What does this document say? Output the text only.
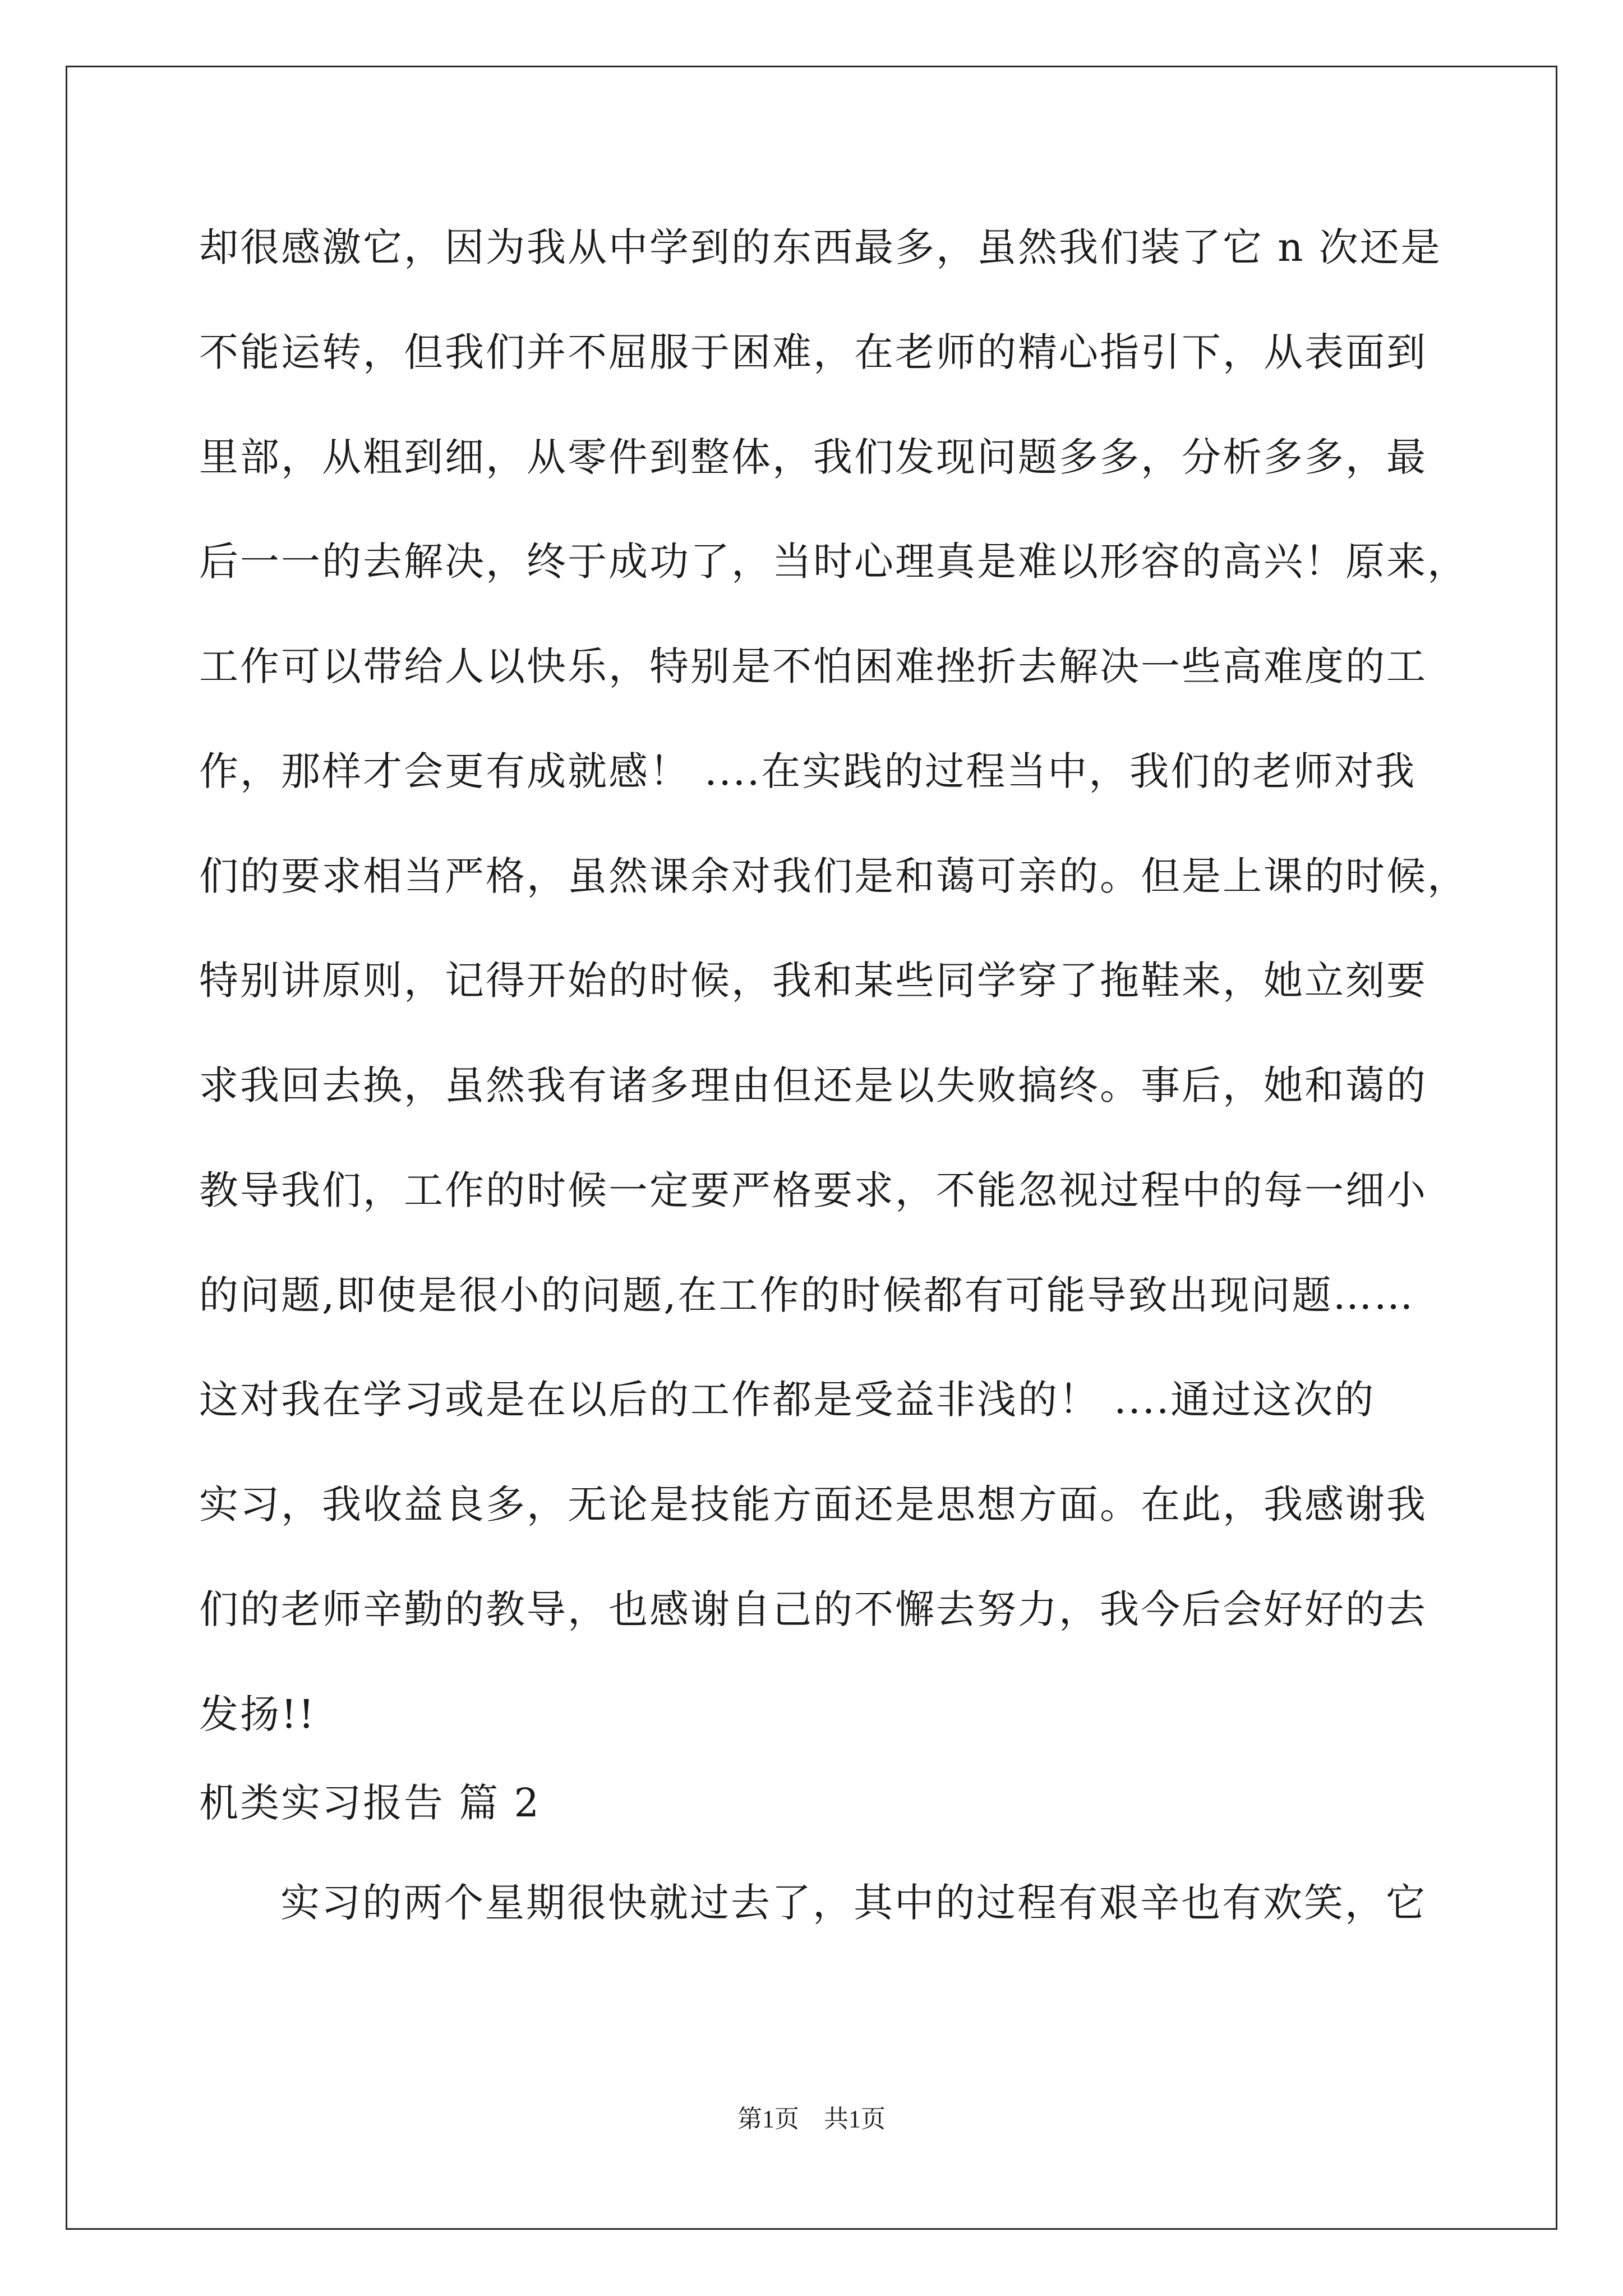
却很感激它，因为我从中学到的东西最多，虽然我们装了它 n 次还是
不能运转，但我们并不屈服于困难，在老师的精心指引下，从表面到
里部，从粗到细，从零件到整体，我们发现问题多多，分析多多，最
后一一的去解决，终于成功了，当时心理真是难以形容的高兴！原来，
工作可以带给人以快乐，特别是不怕困难挫折去解决一些高难度的工
作，那样才会更有成就感！ ....在实践的过程当中，我们的老师对我
们的要求相当严格，虽然课余对我们是和蔼可亲的。但是上课的时候，
特别讲原则，记得开始的时候，我和某些同学穿了拖鞋来，她立刻要
求我回去换，虽然我有诸多理由但还是以失败搞终。事后，她和蔼的
教导我们，工作的时候一定要严格要求，不能忽视过程中的每一细小
的问题,即使是很小的问题,在工作的时候都有可能导致出现问题……
这对我在学习或是在以后的工作都是受益非浅的！ ....通过这次的
实习，我收益良多，无论是技能方面还是思想方面。在此，我感谢我
们的老师辛勤的教导，也感谢自己的不懈去努力，我今后会好好的去
发扬!!
机类实习报告 篇 2
实习的两个星期很快就过去了，其中的过程有艰辛也有欢笑，它
第1页　共1页
